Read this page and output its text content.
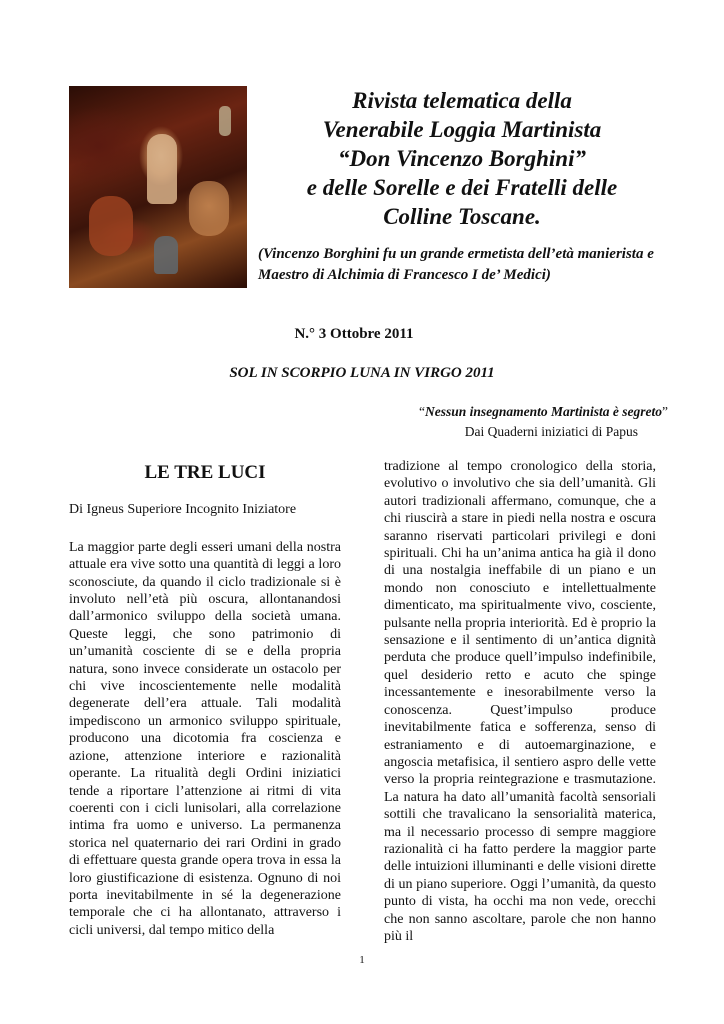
Rivista telematica della
Venerabile Loggia Martinista
“Don Vincenzo Borghini”
e delle Sorelle e dei Fratelli delle
Colline Toscane.

(Vincenzo Borghini fu un grande ermetista dell’età manierista e Maestro di Alchimia di Francesco I de’ Medici)

N.° 3 Ottobre 2011

SOL IN SCORPIO LUNA IN VIRGO 2011

“Nessun insegnamento Martinista è segreto”
Dai Quaderni iniziatici di Papus
LE TRE LUCI

Di Igneus Superiore Incognito Iniziatore

La maggior parte degli esseri umani della nostra attuale era vive sotto una quantità di leggi a loro sconosciute, da quando il ciclo tradizionale si è involuto nell’età più oscura, allontanandosi dall’armonico sviluppo della società umana. Queste leggi, che sono patrimonio di un’umanità cosciente di se e della propria natura, sono invece considerate un ostacolo per chi vive incoscientemente nelle modalità degenerate dell’era attuale. Tali modalità impediscono un armonico sviluppo spirituale, producono una dicotomia fra coscienza e azione, attenzione interiore e razionalità operante. La ritualità degli Ordini iniziatici tende a riportare l’attenzione ai ritmi di vita coerenti con i cicli lunisolari, alla correlazione intima fra uomo e universo. La permanenza storica nel quaternario dei rari Ordini in grado di effettuare questa grande opera trova in essa la loro giustificazione di esistenza. Ognuno di noi porta inevitabilmente in sé la degenerazione temporale che ci ha allontanato, attraverso i cicli universi, dal tempo mitico della

tradizione al tempo cronologico della storia, evolutivo o involutivo che sia dell’umanità. Gli autori tradizionali affermano, comunque, che a chi riuscirà a stare in piedi nella nostra e oscura saranno riservati particolari privilegi e doni spirituali. Chi ha un’anima antica ha già il dono di una nostalgia ineffabile di un piano e un mondo non conosciuto e intellettualmente dimenticato, ma spiritualmente vivo, cosciente, pulsante nella propria interiorità. Ed è proprio la sensazione e il sentimento di un’antica dignità perduta che produce quell’impulso indefinibile, quel desiderio retto e acuto che spinge incessantemente e inesorabilmente verso la conoscenza. Quest’impulso produce inevitabilmente fatica e sofferenza, senso di estraniamento e di autoemarginazione, e angoscia metafisica, il sentiero aspro delle vette verso la propria reintegrazione e trasmutazione. La natura ha dato all’umanità facoltà sensoriali sottili che travalicano la sensorialità materica, ma il necessario processo di sempre maggiore razionalità ci ha fatto perdere la maggior parte delle intuizioni illuminanti e delle visioni dirette di un piano superiore. Oggi l’umanità, da questo punto di vista, ha occhi ma non vede, orecchi che non sanno ascoltare, parole che non hanno più il

1
